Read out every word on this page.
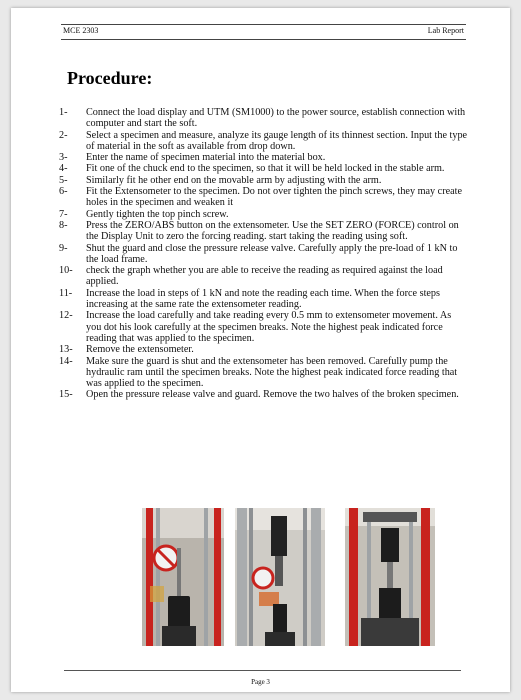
MCE 2303	Lab Report
Procedure:
1- Connect the load display and UTM (SM1000) to the power source, establish connection with computer and start the soft.
2- Select a specimen and measure, analyze its gauge length of its thinnest section. Input the type of material in the soft as available from drop down.
3- Enter the name of specimen material into the material box.
4- Fit one of the chuck end to the specimen, so that it will be held locked in the stable arm.
5- Similarly fit he other end on the movable arm by adjusting with the arm.
6- Fit the Extensometer to the specimen. Do not over tighten the pinch screws, they may create holes in the specimen and weaken it
7- Gently tighten the top pinch screw.
8- Press the ZERO/ABS button on the extensometer. Use the SET ZERO (FORCE) control on the Display Unit to zero the forcing reading. start taking the reading using soft.
9- Shut the guard and close the pressure release valve. Carefully apply the pre-load of 1 kN to the load frame.
10- check the graph whether you are able to receive the reading as required against the load applied.
11- Increase the load in steps of 1 kN and note the reading each time. When the force steps increasing at the same rate the extensometer reading.
12- Increase the load carefully and take reading every 0.5 mm to extensometer movement. As you dot his look carefully at the specimen breaks. Note the highest peak indicated force reading that was applied to the specimen.
13- Remove the extensometer.
14- Make sure the guard is shut and the extensometer has been removed. Carefully pump the hydraulic ram until the specimen breaks. Note the highest peak indicated force reading that was applied to the specimen.
15- Open the pressure release valve and guard. Remove the two halves of the broken specimen.
Page 3
